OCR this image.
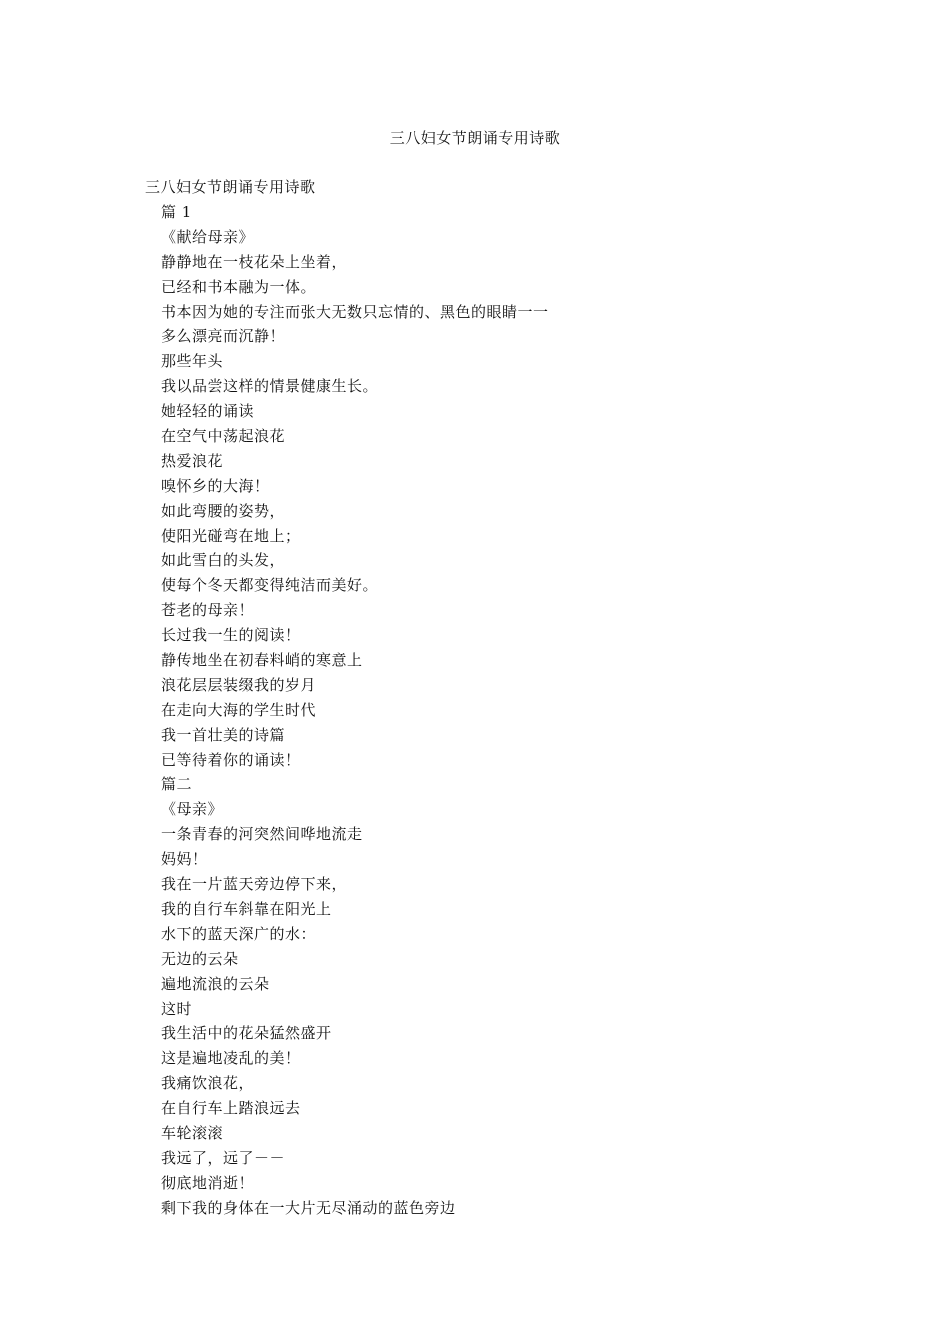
三八妇女节朗诵专用诗歌
三八妇女节朗诵专用诗歌
篇 1
《献给母亲》
静静地在一枝花朵上坐着，
已经和书本融为一体。
书本因为她的专注而张大无数只忘情的、黑色的眼睛一一
多么漂亮而沉静！
那些年头
我以品尝这样的情景健康生长。
她轻轻的诵读
在空气中荡起浪花
热爱浪花
嗅怀乡的大海！
如此弯腰的姿势，
使阳光碰弯在地上；
如此雪白的头发，
使每个冬天都变得纯洁而美好。
苍老的母亲！
长过我一生的阅读！
静传地坐在初春料峭的寒意上
浪花层层装缀我的岁月
在走向大海的学生时代
我一首壮美的诗篇
已等待着你的诵读！
篇二
《母亲》
一条青春的河突然间哗地流走
妈妈！
我在一片蓝天旁边停下来，
我的自行车斜靠在阳光上
水下的蓝天深广的水：
无边的云朵
遍地流浪的云朵
这时
我生活中的花朵猛然盛开
这是遍地凌乱的美！
我痛饮浪花，
在自行车上踏浪远去
车轮滚滚
我远了，远了－－
彻底地消逝！
剩下我的身体在一大片无尽涌动的蓝色旁边
